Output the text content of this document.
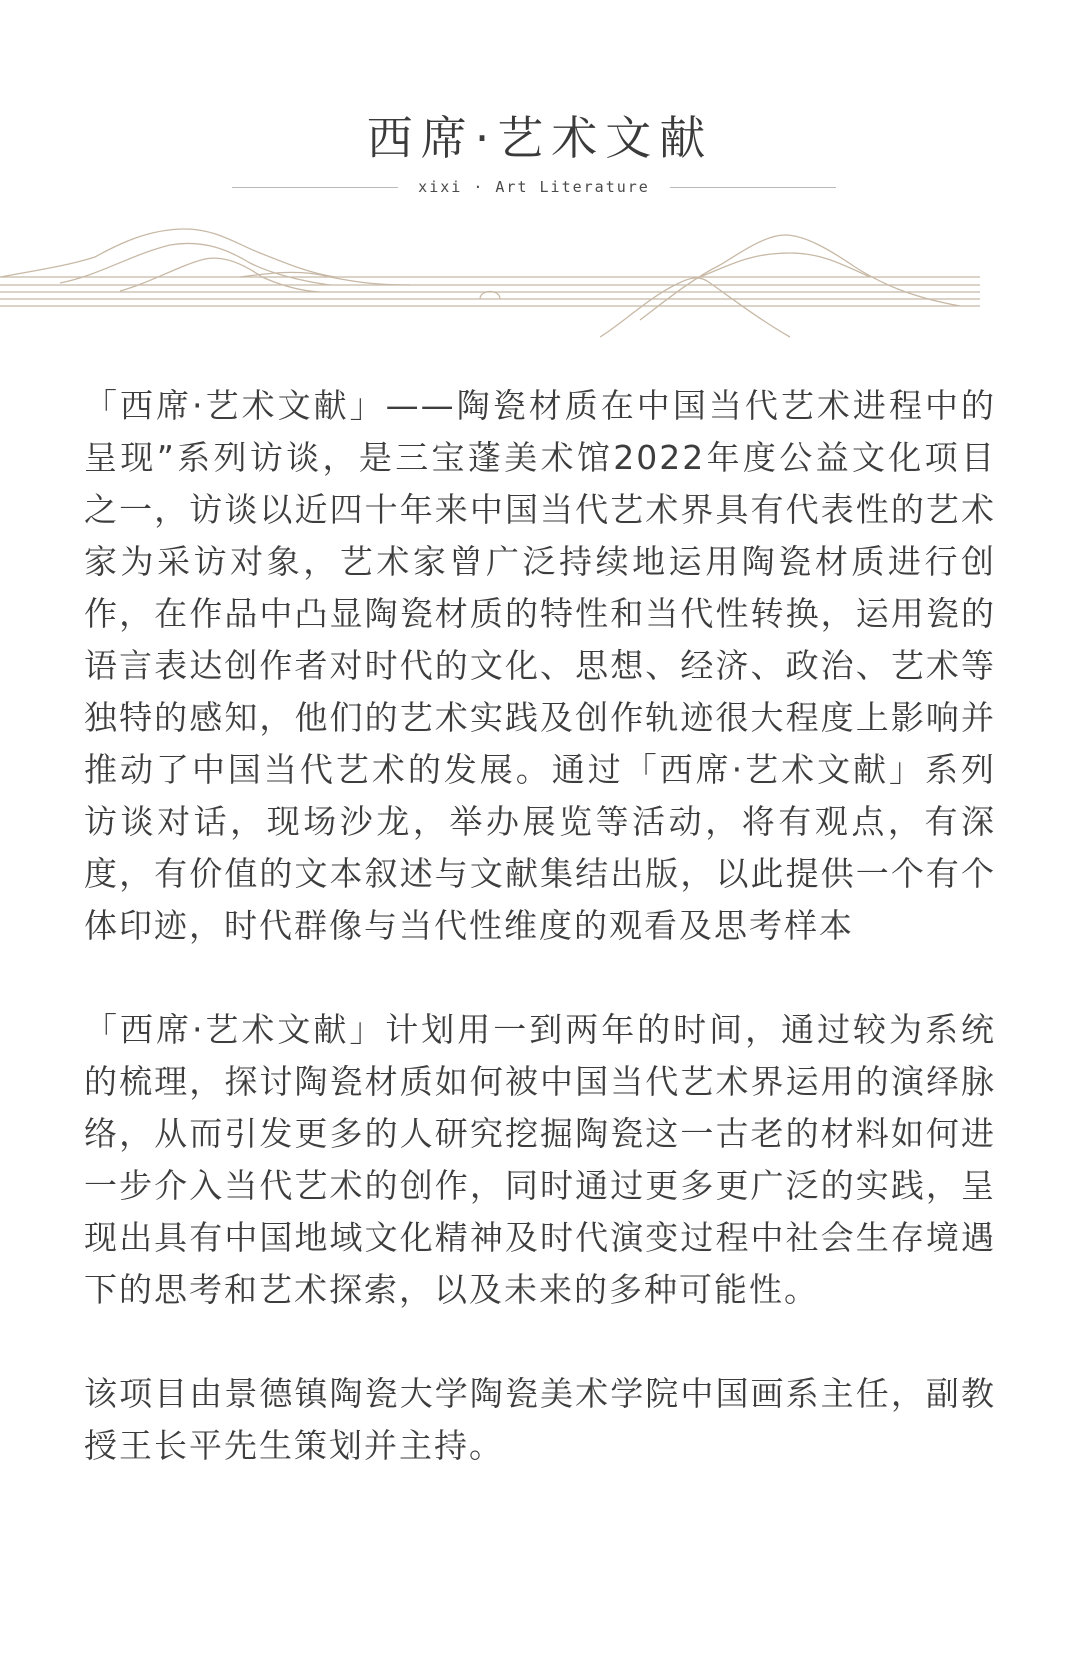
西席·艺术文献
xixi · Art Literature

「西席·艺术文献」——陶瓷材质在中国当代艺术进程中的呈现”系列访谈，是三宝蓬美术馆2022年度公益文化项目之一，访谈以近四十年来中国当代艺术界具有代表性的艺术家为采访对象，艺术家曾广泛持续地运用陶瓷材质进行创作，在作品中凸显陶瓷材质的特性和当代性转换，运用瓷的语言表达创作者对时代的文化、思想、经济、政治、艺术等独特的感知，他们的艺术实践及创作轨迹很大程度上影响并推动了中国当代艺术的发展。通过「西席·艺术文献」系列访谈对话，现场沙龙，举办展览等活动，将有观点，有深度，有价值的文本叙述与文献集结出版，以此提供一个有个体印迹，时代群像与当代性维度的观看及思考样本

「西席·艺术文献」计划用一到两年的时间，通过较为系统的梳理，探讨陶瓷材质如何被中国当代艺术界运用的演绎脉络，从而引发更多的人研究挖掘陶瓷这一古老的材料如何进一步介入当代艺术的创作，同时通过更多更广泛的实践，呈现出具有中国地域文化精神及时代演变过程中社会生存境遇下的思考和艺术探索，以及未来的多种可能性。

该项目由景德镇陶瓷大学陶瓷美术学院中国画系主任，副教授王长平先生策划并主持。
